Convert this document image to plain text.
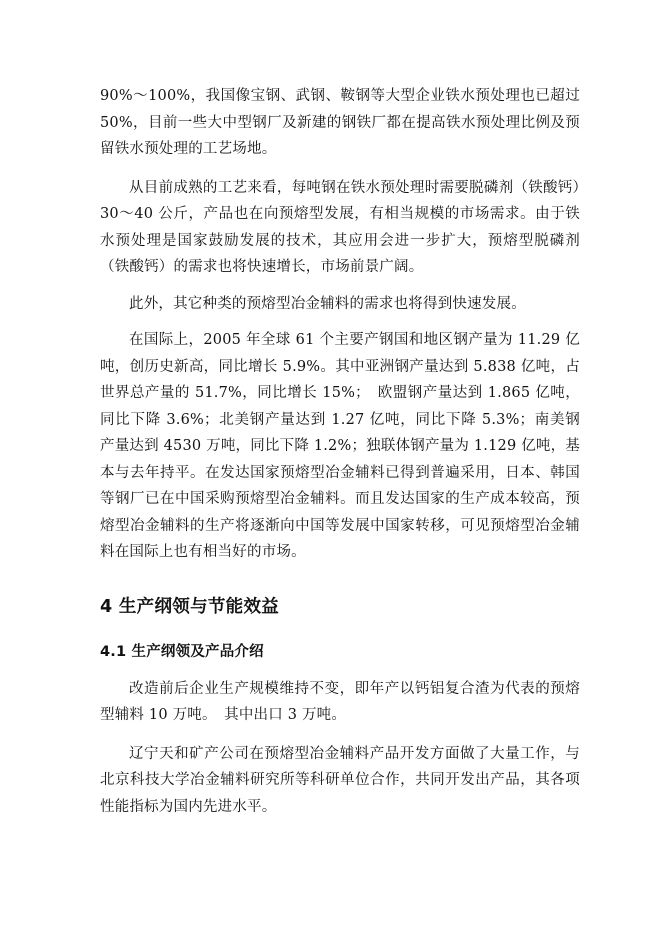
90%～100%，我国像宝钢、武钢、鞍钢等大型企业铁水预处理也已超过 50%，目前一些大中型钢厂及新建的钢铁厂都在提高铁水预处理比例及预留铁水预处理的工艺场地。

从目前成熟的工艺来看，每吨钢在铁水预处理时需要脱磷剂（铁酸钙）30～40 公斤，产品也在向预熔型发展，有相当规模的市场需求。由于铁水预处理是国家鼓励发展的技术，其应用会进一步扩大，预熔型脱磷剂（铁酸钙）的需求也将快速增长，市场前景广阔。

此外，其它种类的预熔型冶金辅料的需求也将得到快速发展。

在国际上，2005 年全球 61 个主要产钢国和地区钢产量为 11.29 亿吨，创历史新高，同比增长 5.9%。其中亚洲钢产量达到 5.838 亿吨，占世界总产量的 51.7%，同比增长 15%；　欧盟钢产量达到 1.865 亿吨，同比下降 3.6%；北美钢产量达到 1.27 亿吨，同比下降 5.3%；南美钢产量达到 4530 万吨，同比下降 1.2%；独联体钢产量为 1.129 亿吨，基本与去年持平。在发达国家预熔型冶金辅料已得到普遍采用，日本、韩国等钢厂已在中国采购预熔型冶金辅料。而且发达国家的生产成本较高，预熔型冶金辅料的生产将逐渐向中国等发展中国家转移，可见预熔型冶金辅料在国际上也有相当好的市场。

4 生产纲领与节能效益
4.1 生产纲领及产品介绍

改造前后企业生产规模维持不变，即年产以钙铝复合渣为代表的预熔型辅料 10 万吨。　其中出口 3 万吨。

辽宁天和矿产公司在预熔型冶金辅料产品开发方面做了大量工作，与北京科技大学冶金辅料研究所等科研单位合作，共同开发出产品，其各项性能指标为国内先进水平。
